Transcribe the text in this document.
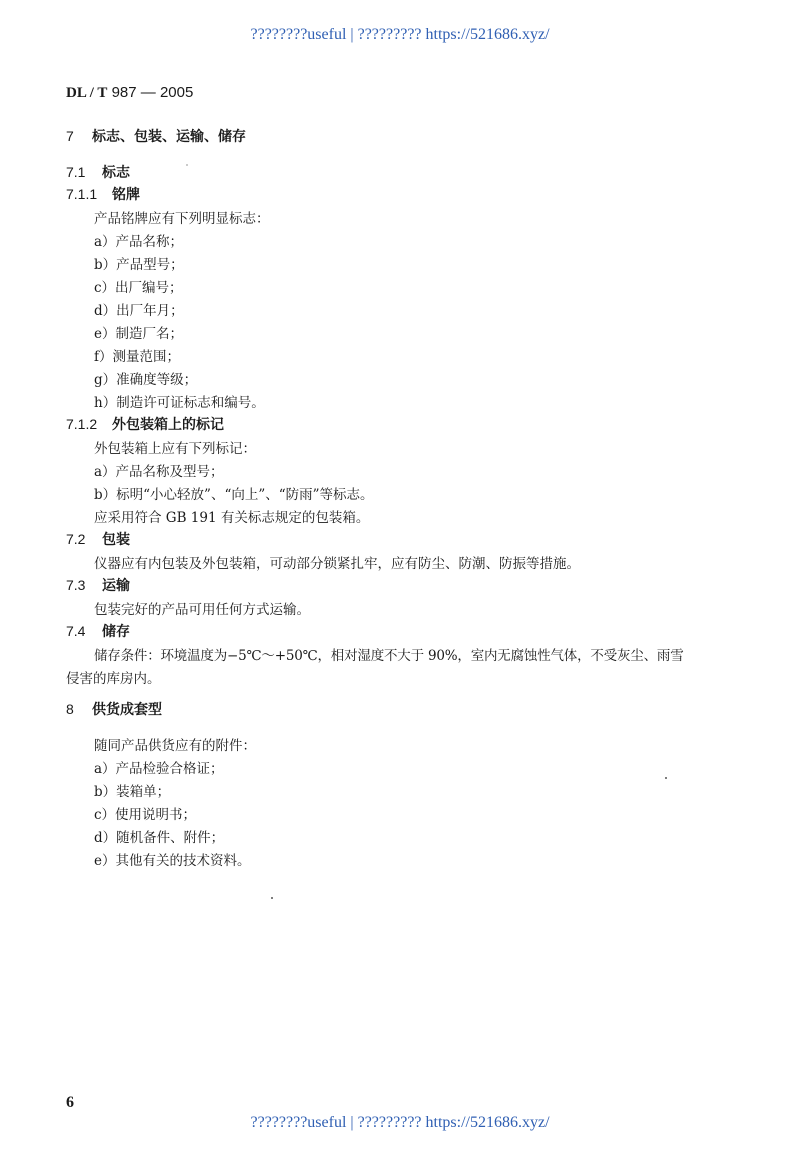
????????useful | ????????? https://521686.xyz/
DL / T 987 — 2005
7 标志、包装、运输、储存
7.1 标志
7.1.1 铭牌
产品铭牌应有下列明显标志：
a）产品名称；
b）产品型号；
c）出厂编号；
d）出厂年月；
e）制造厂名；
f）测量范围；
g）准确度等级；
h）制造许可证标志和编号。
7.1.2 外包装箱上的标记
外包装箱上应有下列标记：
a）产品名称及型号；
b）标明“小心轻放”、“向上”、“防雨”等标志。
应采用符合 GB 191 有关标志规定的包装箱。
7.2 包装
仪器应有内包装及外包装箱，可动部分锁紧扎牢，应有防尘、防潮、防振等措施。
7.3 运输
包装完好的产品可用任何方式运输。
7.4 储存
储存条件：环境温度为−5℃～+50℃，相对湿度不大于 90%，室内无腐蚀性气体，不受灰尘、雨雪
侵害的库房内。
8 供货成套型
随同产品供货应有的附件：
a）产品检验合格证；
b）装箱单；
c）使用说明书；
d）随机备件、附件；
e）其他有关的技术资料。
6
????????useful | ????????? https://521686.xyz/
